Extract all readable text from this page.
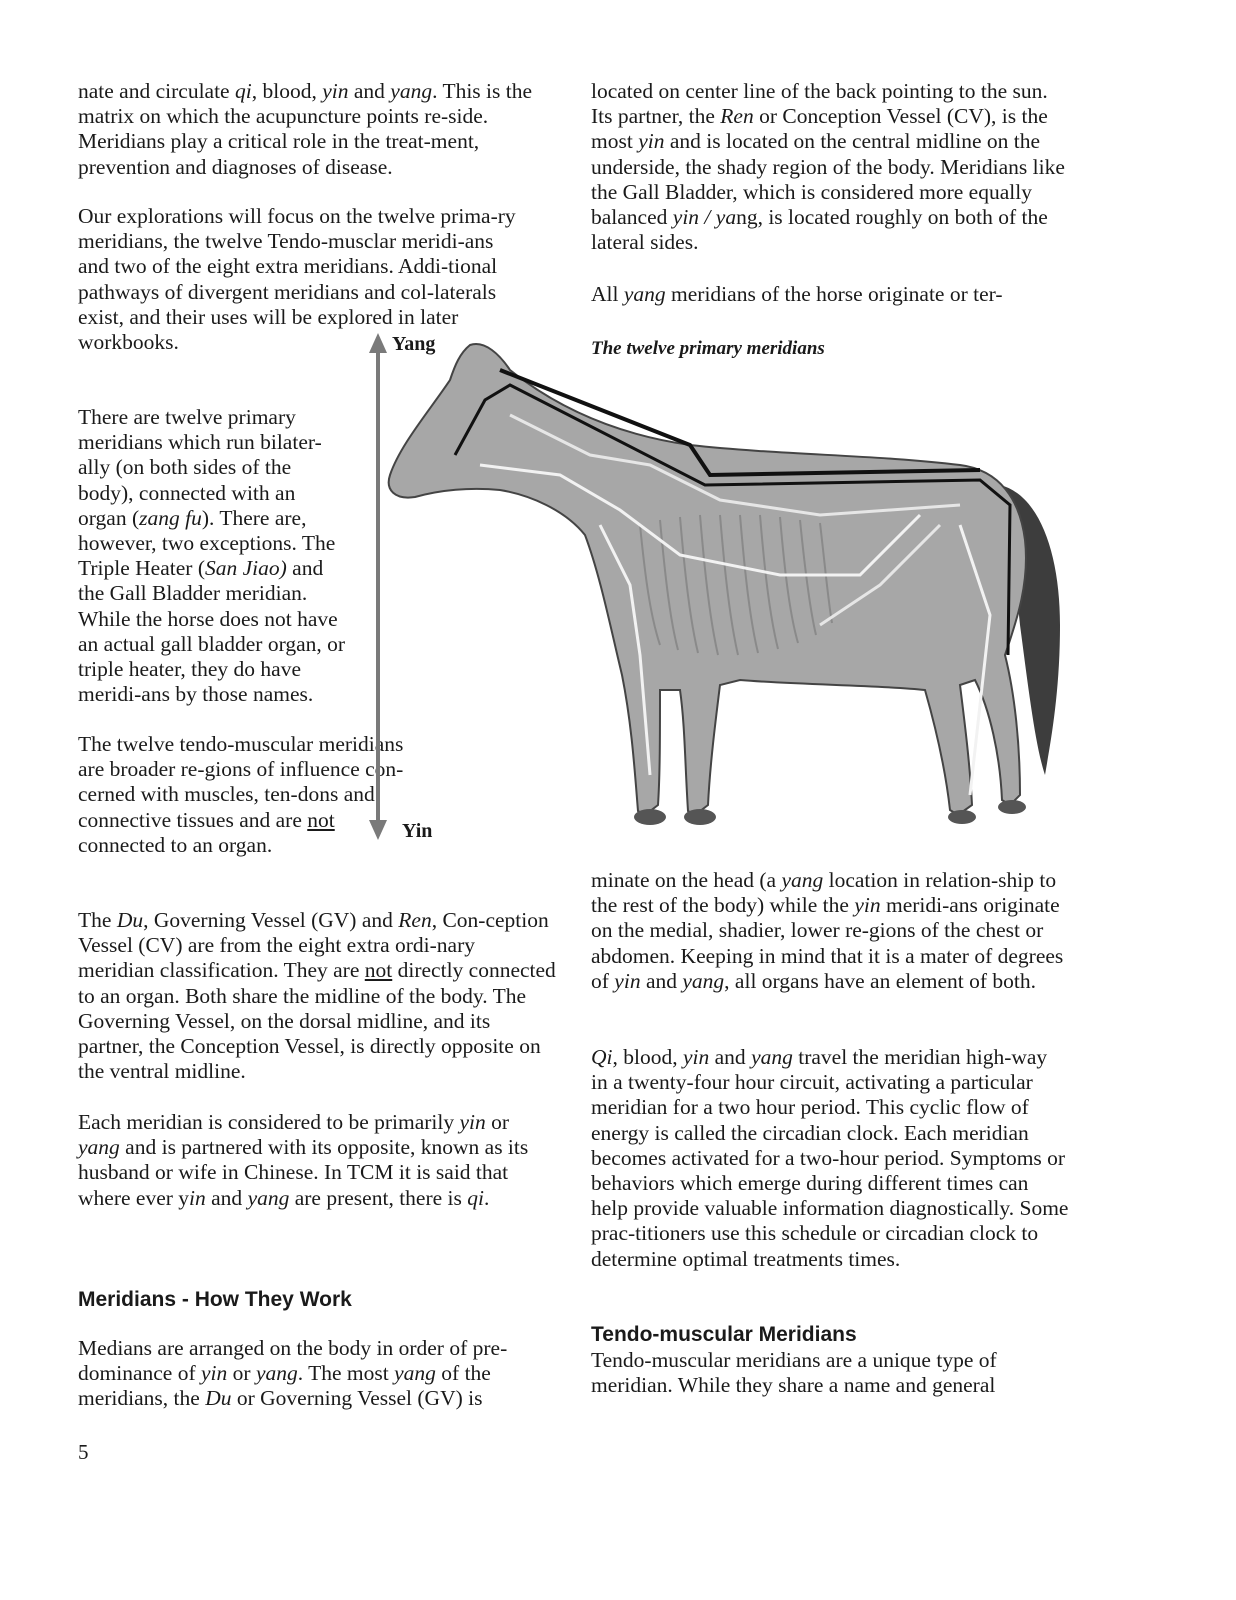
nate and circulate qi, blood, yin and yang. This is the matrix on which the acupuncture points re-side. Meridians play a critical role in the treat-ment, prevention and diagnoses of disease.

Our explorations will focus on the twelve prima-ry meridians, the twelve Tendo-musclar meridi-ans and two of the eight extra meridians. Addi-tional pathways of divergent meridians and col-laterals exist, and their uses will be explored in later workbooks.

There are twelve primary meridians which run bilater-ally (on both sides of the body), connected with an organ (zang fu). There are, however, two exceptions. The Triple Heater (San Jiao) and the Gall Bladder meridian. While the horse does not have an actual gall bladder organ, or triple heater, they do have meridi-ans by those names.
The twelve tendo-muscular meridians are broader re-gions of influence con-cerned with muscles, ten-dons and connective tissues and are not connected to an organ.
The Du, Governing Vessel (GV) and Ren, Con-ception Vessel (CV) are from the eight extra ordi-nary meridian classification. They are not directly connected to an organ. Both share the midline of the body. The Governing Vessel, on the dorsal midline, and its partner, the Conception Vessel, is directly opposite on the ventral midline.
Each meridian is considered to be primarily yin or yang and is partnered with its opposite, known as its husband or wife in Chinese. In TCM it is said that where ever yin and yang are present, there is qi.
Meridians - How They Work
Medians are arranged on the body in order of pre-dominance of yin or yang. The most yang of the meridians, the Du or Governing Vessel (GV) is
located on center line of the back pointing to the sun. Its partner, the Ren or Conception Vessel (CV), is the most yin and is located on the central midline on the underside, the shady region of the body. Meridians like the Gall Bladder, which is considered more equally balanced yin / yang, is located roughly on both of the lateral sides.
All yang meridians of the horse originate or ter-

The twelve primary meridians

minate on the head (a yang location in relation-ship to the rest of the body) while the yin meridi-ans originate on the medial, shadier, lower re-gions of the chest or abdomen. Keeping in mind that it is a mater of degrees of yin and yang, all organs have an element of both.
Qi, blood, yin and yang travel the meridian high-way in a twenty-four hour circuit, activating a particular meridian for a two hour period. This cyclic flow of energy is called the circadian clock. Each meridian becomes activated for a two-hour period. Symptoms or behaviors which emerge during different times can help provide valuable information diagnostically. Some prac-titioners use this schedule or circadian clock to determine optimal treatments times.
Tendo-muscular Meridians

Tendo-muscular meridians are a unique type of meridian. While they share a name and general

Yang

Yin

5
